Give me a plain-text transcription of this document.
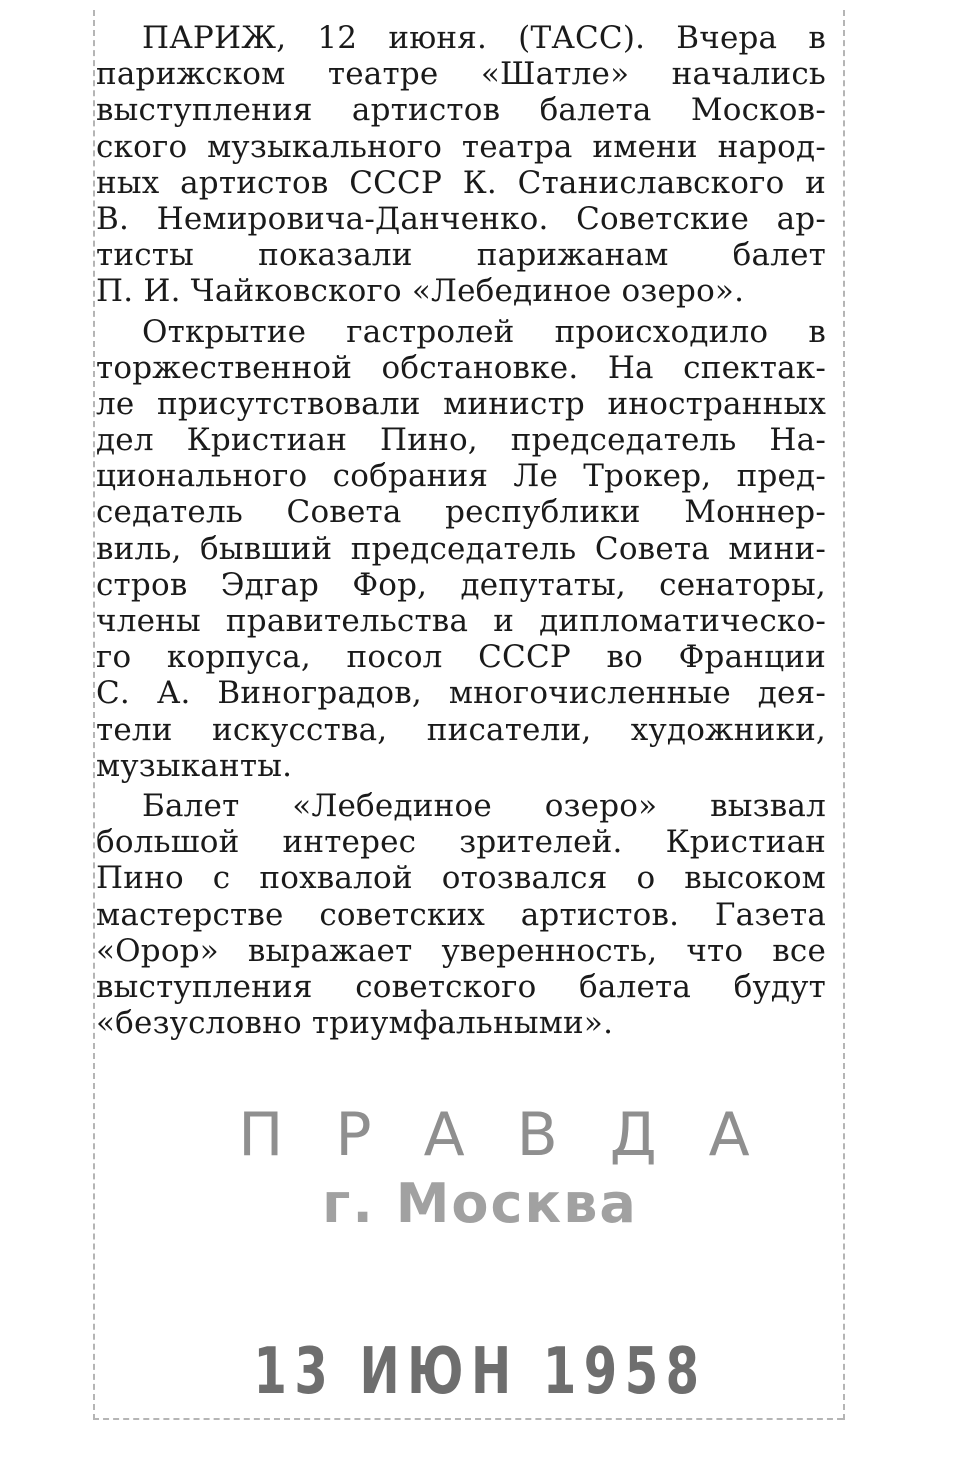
ПАРИЖ, 12 июня. (ТАСС). Вчера в
парижском театре «Шатле» начались
выступления артистов балета Москов-
ского музыкального театра имени народ-
ных артистов СССР К. Станиславского и
В. Немировича-Данченко. Советские ар-
тисты показали парижанам балет
П. И. Чайковского «Лебединое озеро».
Открытие гастролей происходило в
торжественной обстановке. На спектак-
ле присутствовали министр иностранных
дел Кристиан Пино, председатель На-
ционального собрания Ле Трокер, пред-
седатель Совета республики Моннер-
виль, бывший председатель Совета мини-
стров Эдгар Фор, депутаты, сенаторы,
члены правительства и дипломатическо-
го корпуса, посол СССР во Франции
С. А. Виноградов, многочисленные дея-
тели искусства, писатели, художники,
музыканты.
Балет «Лебединое озеро» вызвал
большой интерес зрителей. Кристиан
Пино с похвалой отозвался о высоком
мастерстве советских артистов. Газета
«Орор» выражает уверенность, что все
выступления советского балета будут
«безусловно триумфальными».
ПРАВДА
г. Москва
13 ИЮН 1958
